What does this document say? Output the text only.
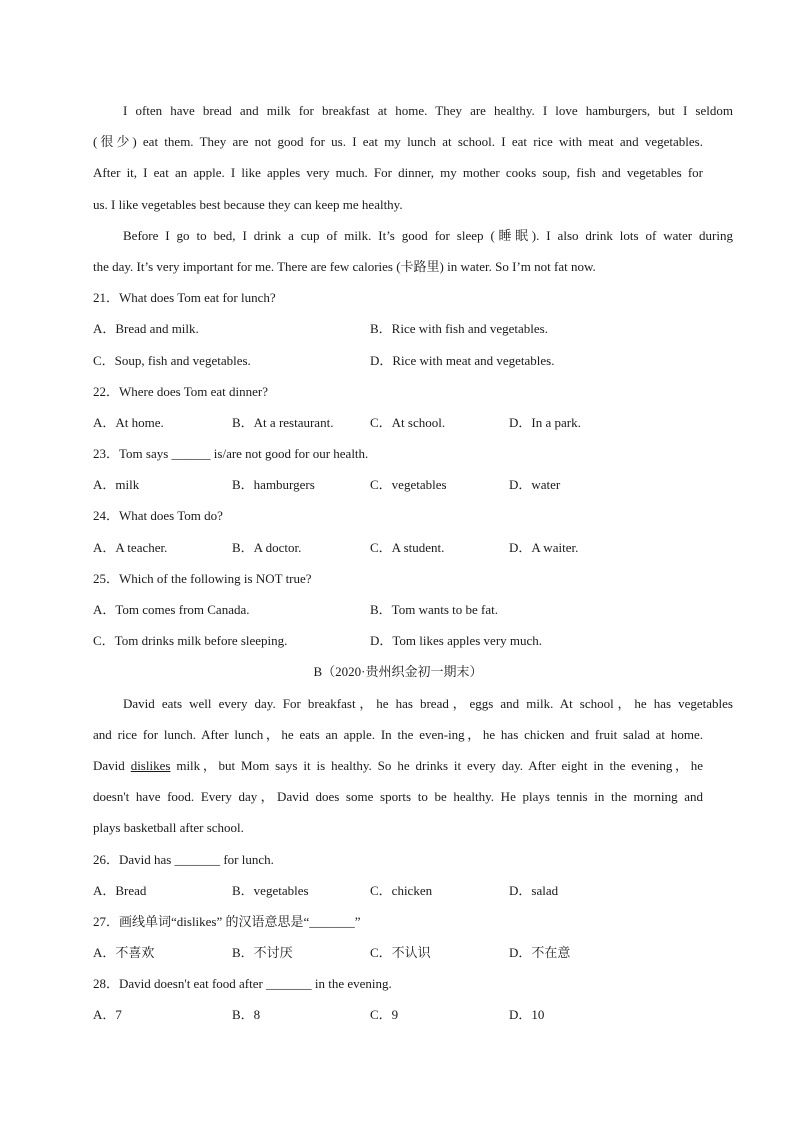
I often have bread and milk for breakfast at home. They are healthy. I love hamburgers, but I seldom
(很少) eat them. They are not good for us. I eat my lunch at school. I eat rice with meat and vegetables.
After it, I eat an apple. I like apples very much. For dinner, my mother cooks soup, fish and vegetables for
us. I like vegetables best because they can keep me healthy.
Before I go to bed, I drink a cup of milk. It’s good for sleep (睡眠). I also drink lots of water during
the day. It’s very important for me. There are few calories (卡路里) in water. So I’m not fat now.
21．What does Tom eat for lunch?
A．Bread and milk.	B．Rice with fish and vegetables.
C．Soup, fish and vegetables.	D．Rice with meat and vegetables.
22．Where does Tom eat dinner?
A．At home.	B．At a restaurant.	C．At school.	D．In a park.
23．Tom says ______ is/are not good for our health.
A．milk	B．hamburgers	C．vegetables	D．water
24．What does Tom do?
A．A teacher.	B．A doctor.	C．A student.	D．A waiter.
25．Which of the following is NOT true?
A．Tom comes from Canada.	B．Tom wants to be fat.
C．Tom drinks milk before sleeping.	D．Tom likes apples very much.
B（2020·贵州织金初一期末）
David eats well every day. For breakfast，he has bread，eggs and milk. At school，he has vegetables
and rice for lunch. After lunch，he eats an apple. In the even-ing，he has chicken and fruit salad at home.
David dislikes milk，but Mom says it is healthy. So he drinks it every day. After eight in the evening，he
doesn't have food. Every day，David does some sports to be healthy. He plays tennis in the morning and
plays basketball after school.
26．David has _______ for lunch.
A．Bread	B．vegetables	C．chicken	D．salad
27．画线单词“dislikes” 的汉语意思是“_______”
A．不喜欢	B．不讨厌	C．不认识	D．不在意
28．David doesn't eat food after _______ in the evening.
A．7	B．8	C．9	D．10
